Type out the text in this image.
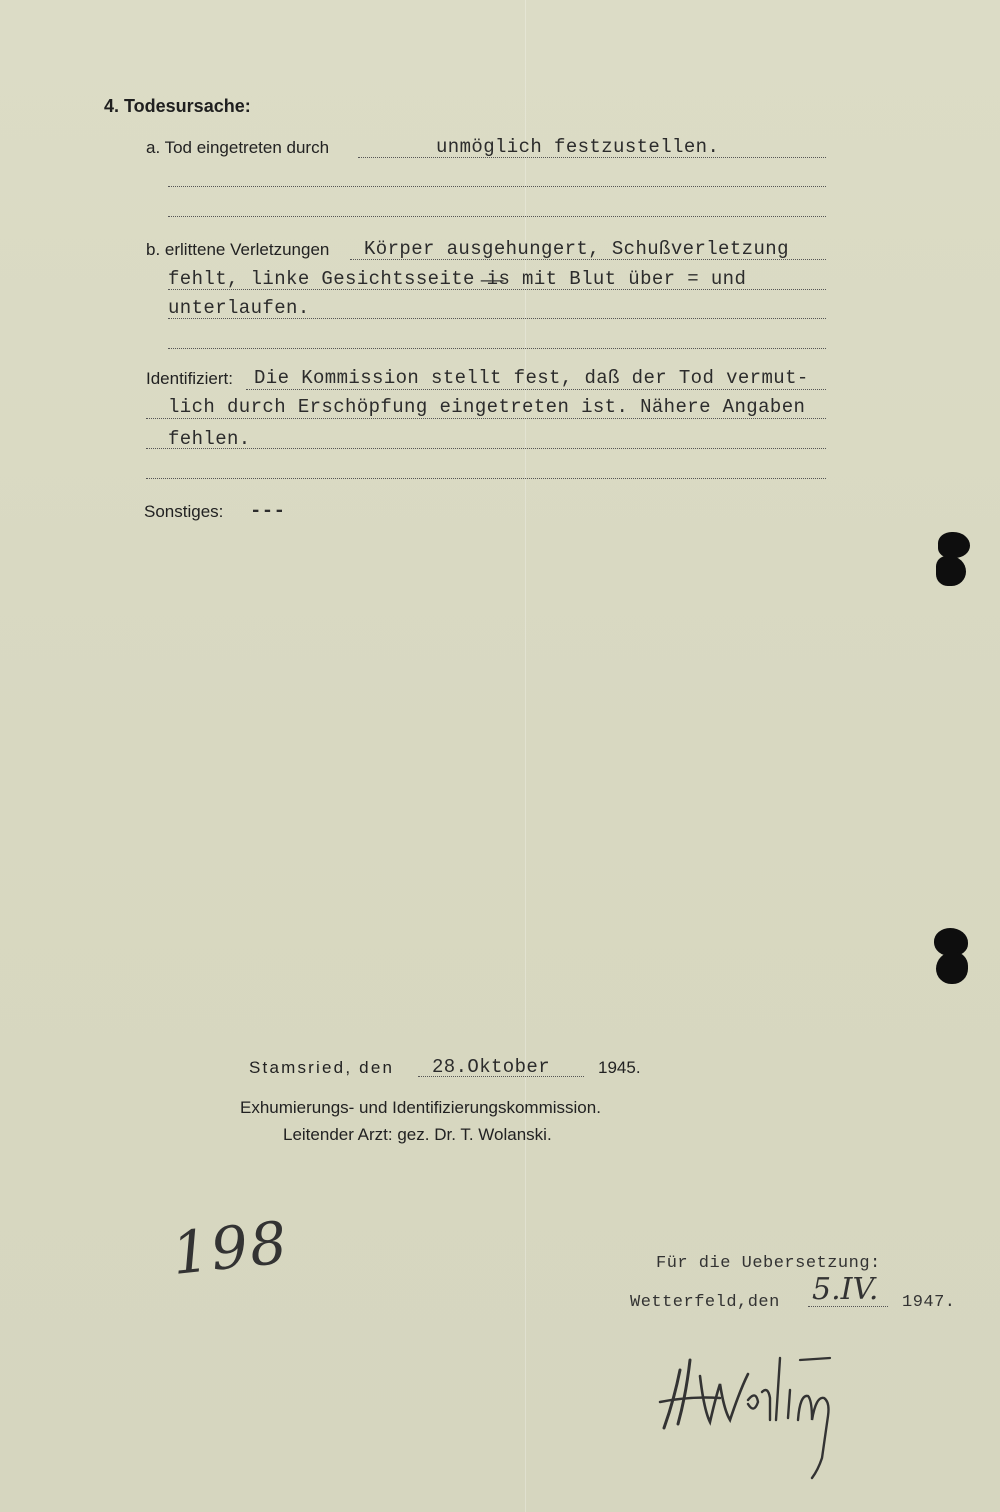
4. Todesursache:
a. Tod eingetreten durch	unmöglich festzustellen.
b. erlittene Verletzungen Körper ausgehungert, Schußverletzung
fehlt, linke Gesichtsseite ̶i̶s mit Blut über = und
unterlaufen.
Identifiziert: Die Kommission stellt fest, daß der Tod vermut-
lich durch Erschöpfung eingetreten ist. Nähere Angaben
fehlen.
Sonstiges: ---
Stamsried, den 28.Oktober	1945.
Exhumierungs- und Identifizierungskommission.
Leitender Arzt: gez. Dr. T. Wolanski.
198	Für die Uebersetzung:
Wetterfeld,den 5.IV. 1947.
